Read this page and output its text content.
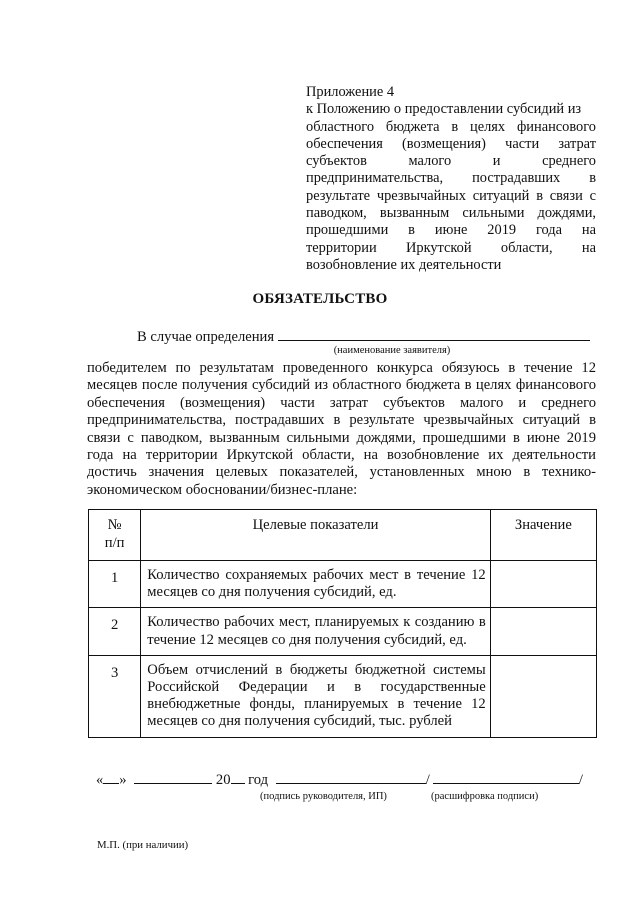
Приложение 4
к Положению о предоставлении субсидий из
областного бюджета в целях финансового
обеспечения (возмещения) части затрат
субъектов малого и среднего
предпринимательства, пострадавших в
результате чрезвычайных ситуаций в связи с
паводком, вызванным сильными дождями,
прошедшими в июне 2019 года на
территории Иркутской области, на
возобновление их деятельности
ОБЯЗАТЕЛЬСТВО
В случае определения
(наименование заявителя)
победителем по результатам проведенного конкурса обязуюсь в течение 12 месяцев после получения субсидий из областного бюджета в целях финансового обеспечения (возмещения) части затрат субъектов малого и среднего предпринимательства, пострадавших в результате чрезвычайных ситуаций в связи с паводком, вызванным сильными дождями, прошедшими в июне 2019 года на территории Иркутской области, на возобновление их деятельности достичь значения целевых показателей, установленных мною в технико-экономическом обосновании/бизнес-плане:
№
п/п	Целевые показатели	Значение
1	Количество сохраняемых рабочих мест в течение 12 месяцев со дня получения субсидий, ед.	
2	Количество рабочих мест, планируемых к созданию в течение 12 месяцев со дня получения субсидий, ед.	
3	Объем отчислений в бюджеты бюджетной системы Российской Федерации и в государственные внебюджетные фонды, планируемых в течение 12 месяцев со дня получения субсидий, тыс. рублей	
« »	20 год	/	/
(подпись руководителя, ИП)	(расшифровка подписи)
М.П. (при наличии)
